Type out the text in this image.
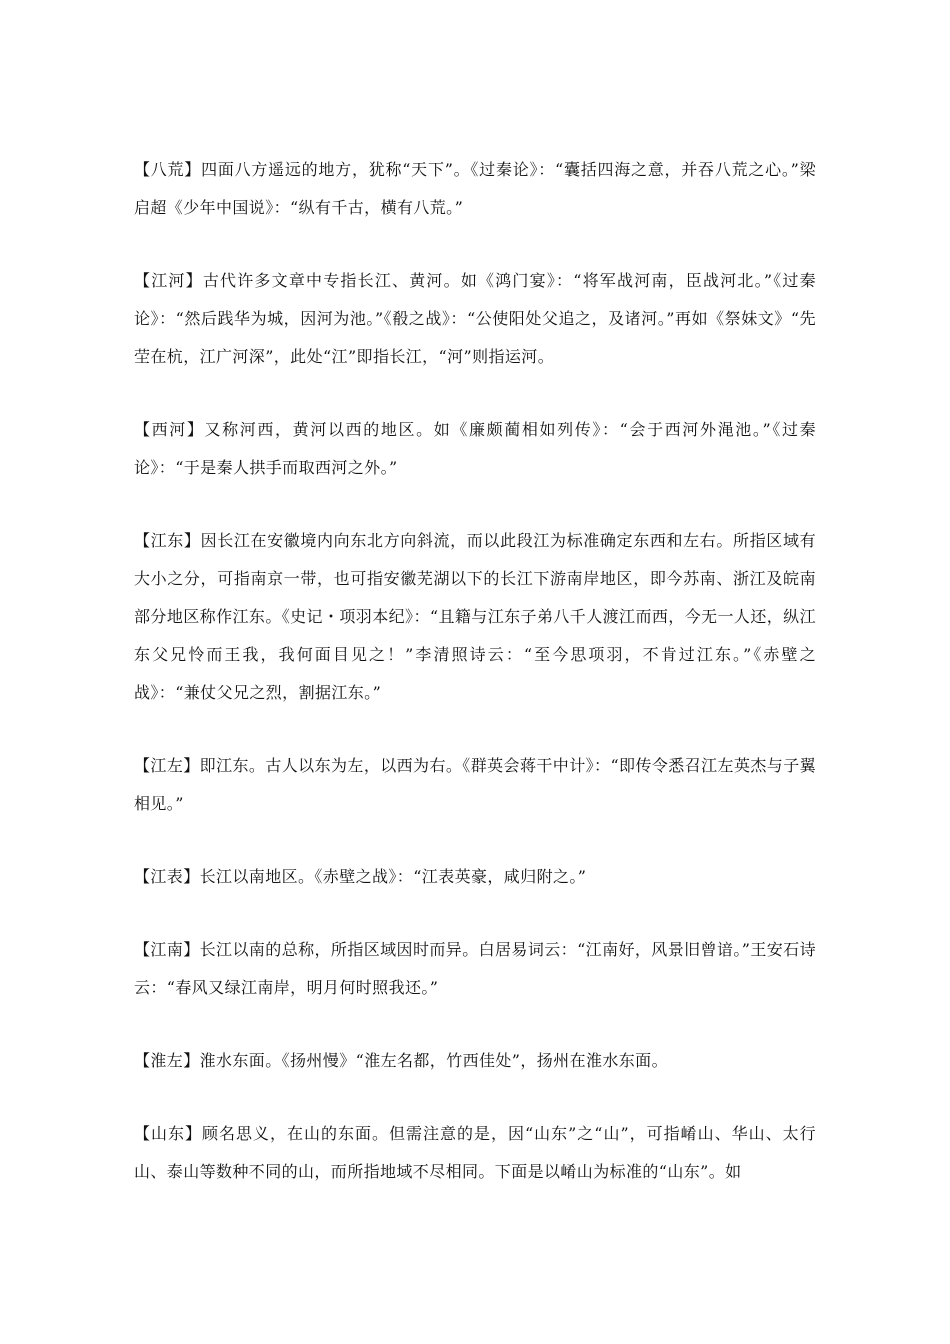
【八荒】四面八方遥远的地方，犹称“天下”。《过秦论》：“囊括四海之意，并吞八荒之心。”梁启超《少年中国说》：“纵有千古，横有八荒。”

【江河】古代许多文章中专指长江、黄河。如《鸿门宴》：“将军战河南，臣战河北。”《过秦论》：“然后践华为城，因河为池。”《殽之战》：“公使阳处父追之，及诸河。”再如《祭妹文》“先茔在杭，江广河深”，此处“江”即指长江，“河”则指运河。

【西河】又称河西，黄河以西的地区。如《廉颇蔺相如列传》：“会于西河外渑池。”《过秦论》：“于是秦人拱手而取西河之外。”

【江东】因长江在安徽境内向东北方向斜流，而以此段江为标准确定东西和左右。所指区域有大小之分，可指南京一带，也可指安徽芜湖以下的长江下游南岸地区，即今苏南、浙江及皖南部分地区称作江东。《史记・项羽本纪》：“且籍与江东子弟八千人渡江而西，今无一人还，纵江东父兄怜而王我，我何面目见之！”李清照诗云：“至今思项羽，不肯过江东。”《赤壁之战》：“兼仗父兄之烈，割据江东。”

【江左】即江东。古人以东为左，以西为右。《群英会蒋干中计》：“即传令悉召江左英杰与子翼相见。”

【江表】长江以南地区。《赤壁之战》：“江表英豪，咸归附之。”

【江南】长江以南的总称，所指区域因时而异。白居易词云：“江南好，风景旧曾谙。”王安石诗云：“春风又绿江南岸，明月何时照我还。”

【淮左】淮水东面。《扬州慢》“淮左名都，竹西佳处”，扬州在淮水东面。

【山东】顾名思义，在山的东面。但需注意的是，因“山东”之“山”，可指崤山、华山、太行山、泰山等数种不同的山，而所指地域不尽相同。下面是以崤山为标准的“山东”。如
